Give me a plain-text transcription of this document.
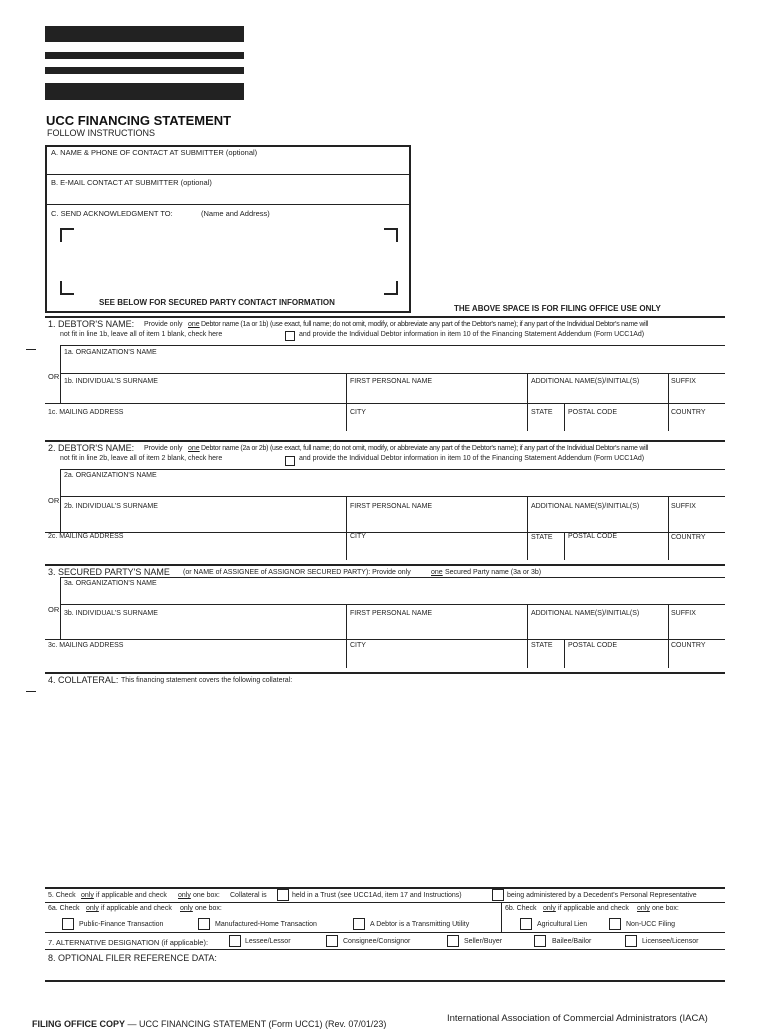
UCC FINANCING STATEMENT
FOLLOW INSTRUCTIONS
A. NAME & PHONE OF CONTACT AT SUBMITTER (optional)
B. E-MAIL CONTACT AT SUBMITTER (optional)
C. SEND ACKNOWLEDGMENT TO:	(Name and Address)
SEE BELOW FOR SECURED PARTY CONTACT INFORMATION
THE ABOVE SPACE IS FOR FILING OFFICE USE ONLY
1. DEBTOR'S NAME: Provide only one Debtor name (1a or 1b) (use exact, full name; do not omit, modify, or abbreviate any part of the Debtor's name); if any part of the Individual Debtor's name will
not fit in line 1b, leave all of item 1 blank, check here	and provide the Individual Debtor information in item 10 of the Financing Statement Addendum (Form UCC1Ad)
1a. ORGANIZATION'S NAME
OR
1b. INDIVIDUAL'S SURNAME	FIRST PERSONAL NAME	ADDITIONAL NAME(S)/INITIAL(S)	SUFFIX
1c. MAILING ADDRESS	CITY	STATE POSTAL CODE	COUNTRY
2. DEBTOR'S NAME: Provide only one Debtor name (2a or 2b) (use exact, full name; do not omit, modify, or abbreviate any part of the Debtor's name); if any part of the Individual Debtor's name will
not fit in line 2b, leave all of item 2 blank, check here	and provide the Individual Debtor information in item 10 of the Financing Statement Addendum (Form UCC1Ad)
2a. ORGANIZATION'S NAME
OR
2b. INDIVIDUAL'S SURNAME	FIRST PERSONAL NAME	ADDITIONAL NAME(S)/INITIAL(S)	SUFFIX
2c. MAILING ADDRESS	CITY	STATE POSTAL CODE	COUNTRY
3. SECURED PARTY'S NAME (or NAME of ASSIGNEE of ASSIGNOR SECURED PARTY): Provide only	one Secured Party name (3a or 3b)
3a. ORGANIZATION'S NAME
OR 3b. INDIVIDUAL'S SURNAME	FIRST PERSONAL NAME	ADDITIONAL NAME(S)/INITIAL(S)	SUFFIX
3c. MAILING ADDRESS	CITY	STATE POSTAL CODE	COUNTRY
4. COLLATERAL: This financing statement covers the following collateral:
5. Check only if applicable and check only one box: Collateral is	held in a Trust (see UCC1Ad, item 17 and Instructions)	being administered by a Decedent's Personal Representative
6a. Check only if applicable and check only one box:	6b. Check only if applicable and check only one box:
Public-Finance Transaction	Manufactured-Home Transaction	A Debtor is a Transmitting Utility	Agricultural Lien	Non-UCC Filing
7. ALTERNATIVE DESIGNATION (if applicable):	Lessee/Lessor	Consignee/Consignor	Seller/Buyer	Bailee/Bailor	Licensee/Licensor
8. OPTIONAL FILER REFERENCE DATA:
FILING OFFICE COPY — UCC FINANCING STATEMENT (Form UCC1) (Rev. 07/01/23)	International Association of Commercial Administrators (IACA)
